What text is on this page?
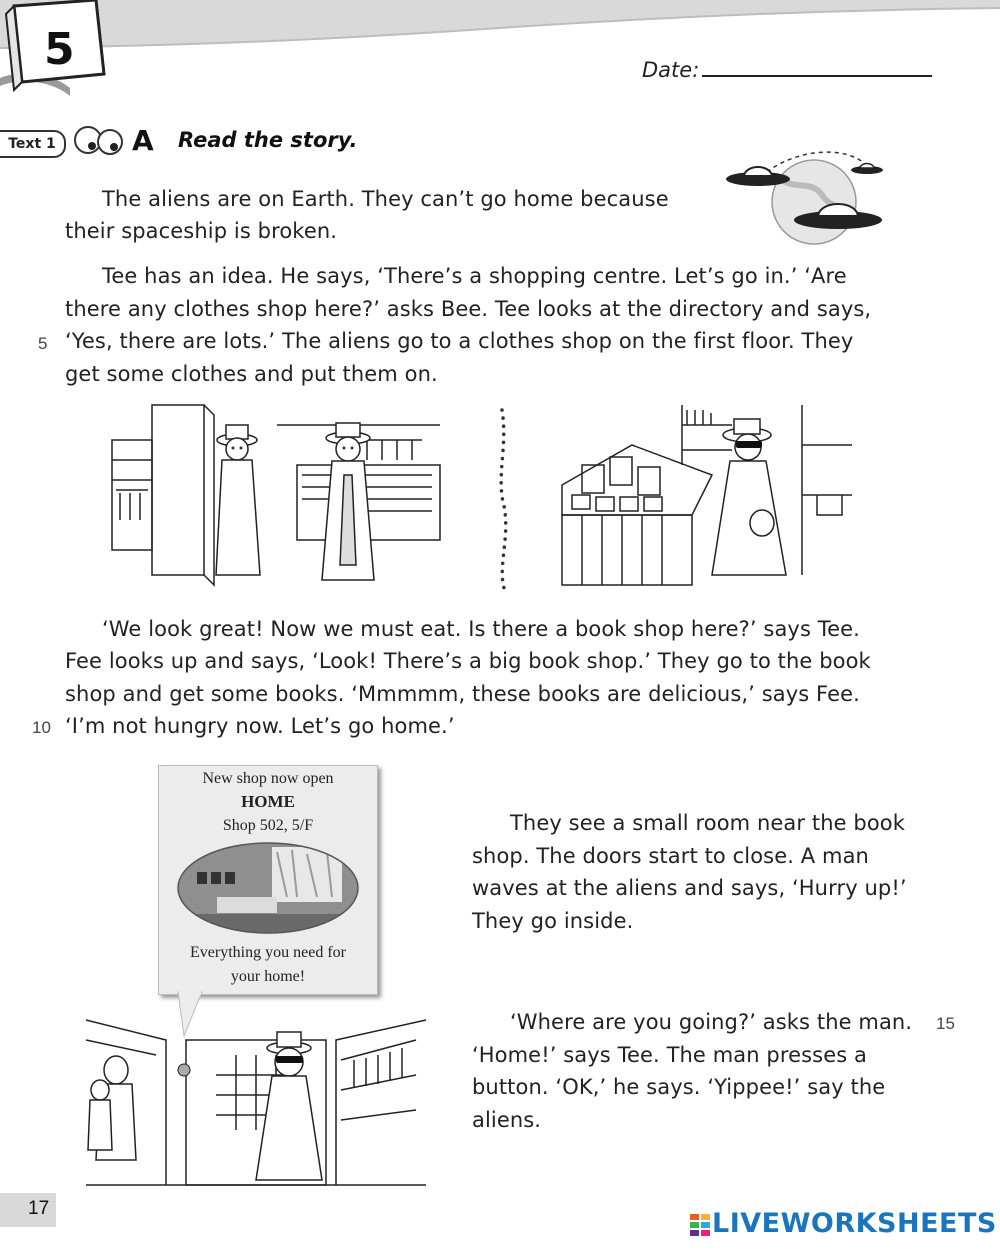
5	Date:
Text 1	A Read the story.
The aliens are on Earth. They can’t go home because
their spaceship is broken.
Tee has an idea. He says, ‘There’s a shopping centre. Let’s go in.’ ‘Are
there any clothes shop here?’ asks Bee. Tee looks at the directory and says,
‘Yes, there are lots.’ The aliens go to a clothes shop on the first floor. They
get some clothes and put them on.
5
‘We look great! Now we must eat. Is there a book shop here?’ says Tee.
Fee looks up and says, ‘Look! There’s a big book shop.’ They go to the book
shop and get some books. ‘Mmmmm, these books are delicious,’ says Fee.
‘I’m not hungry now. Let’s go home.’
10
New shop now open
HOME
Shop 502, 5/F
Everything you need for
your home!
They see a small room near the book
shop. The doors start to close. A man
waves at the aliens and says, ‘Hurry up!’
They go inside.
‘Where are you going?’ asks the man.
‘Home!’ says Tee. The man presses a
button. ‘OK,’ he says. ‘Yippee!’ say the
aliens.
15
17	LIVEWORKSHEETS
